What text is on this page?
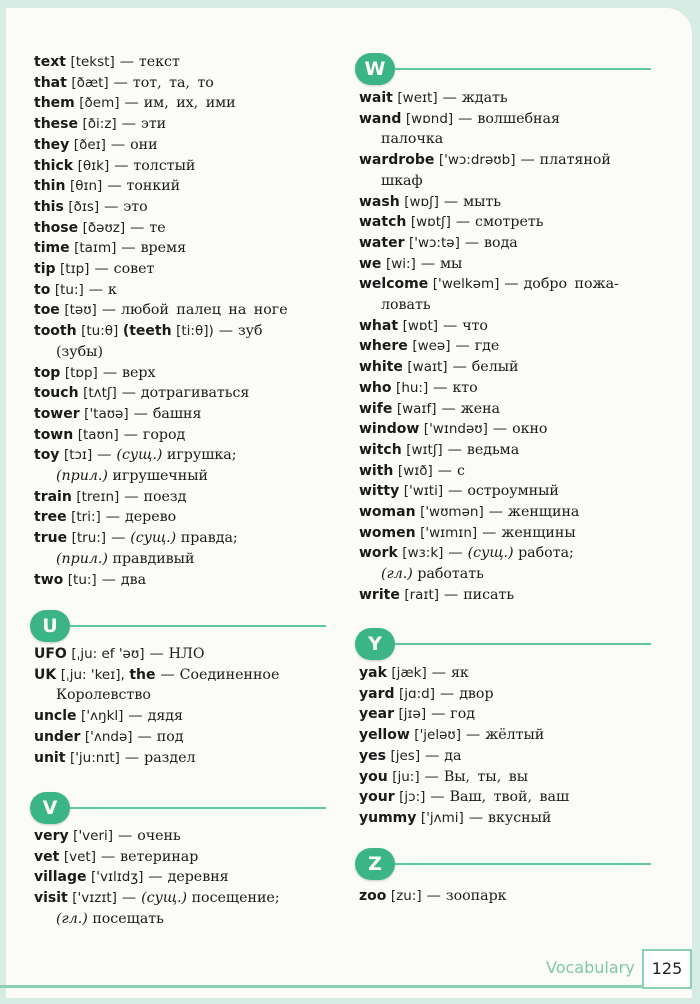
text [tekst] — текст
that [ðæt] — тот, та, то
them [ðem] — им, их, ими
these [ði:z] — эти
they [ðeɪ] — они
thick [θɪk] — толстый
thin [θɪn] — тонкий
this [ðɪs] — это
those [ðəʊz] — те
time [taɪm] — время
tip [tɪp] — совет
to [tu:] — к
toe [təʊ] — любой палец на ноге
tooth [tu:θ] (teeth [ti:θ]) — зуб
(зубы)
top [tɒp] — верх
touch [tʌtʃ] — дотрагиваться
tower ['taʊə] — башня
town [taʊn] — город
toy [tɔɪ] — (сущ.) игрушка;
(прил.) игрушечный
train [treɪn] — поезд
tree [tri:] — дерево
true [tru:] — (сущ.) правда;
(прил.) правдивый
two [tu:] — два
U
UFO [ˌju: ef 'əʊ] — НЛО
UK [ˌju: 'keɪ], the — Соединенное
Королевство
uncle ['ʌŋkl] — дядя
under ['ʌndə] — под
unit ['ju:nɪt] — раздел
V
very ['veri] — очень
vet [vet] — ветеринар
village ['vɪlɪdʒ] — деревня
visit ['vɪzɪt] — (сущ.) посещение;
(гл.) посещать
W
wait [weɪt] — ждать
wand [wɒnd] — волшебная
палочка
wardrobe ['wɔ:drəʊb] — платяной
шкаф
wash [wɒʃ] — мыть
watch [wɒtʃ] — смотреть
water ['wɔ:tə] — вода
we [wi:] — мы
welcome ['welkəm] — добро пожа-
ловать
what [wɒt] — что
where [weə] — где
white [waɪt] — белый
who [hu:] — кто
wife [waɪf] — жена
window ['wɪndəʊ] — окно
witch [wɪtʃ] — ведьма
with [wɪð] — с
witty ['wɪti] — остроумный
woman ['wʊmən] — женщина
women ['wɪmɪn] — женщины
work [wɜ:k] — (сущ.) работа;
(гл.) работать
write [raɪt] — писать
Y
yak [jæk] — як
yard [jɑ:d] — двор
year [jɪə] — год
yellow ['jeləʊ] — жёлтый
yes [jes] — да
you [ju:] — Вы, ты, вы
your [jɔ:] — Ваш, твой, ваш
yummy ['jʌmi] — вкусный
Z
zoo [zu:] — зоопарк
Vocabulary	125
